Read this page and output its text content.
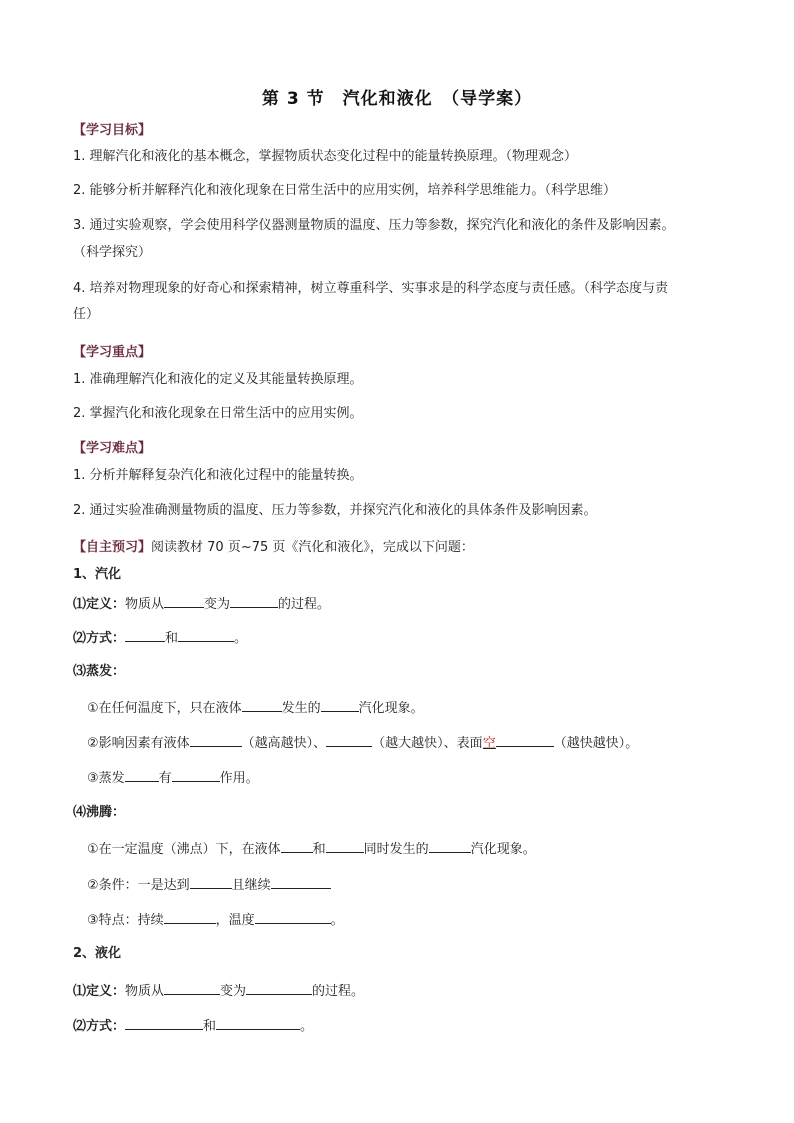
第 3 节　汽化和液化　（导学案）
【学习目标】
1. 理解汽化和液化的基本概念，掌握物质状态变化过程中的能量转换原理。（物理观念）
2. 能够分析并解释汽化和液化现象在日常生活中的应用实例，培养科学思维能力。（科学思维）
3. 通过实验观察，学会使用科学仪器测量物质的温度、压力等参数，探究汽化和液化的条件及影响因素。
（科学探究）
4. 培养对物理现象的好奇心和探索精神，树立尊重科学、实事求是的科学态度与责任感。（科学态度与责
任）
【学习重点】
1. 准确理解汽化和液化的定义及其能量转换原理。
2. 掌握汽化和液化现象在日常生活中的应用实例。
【学习难点】
1. 分析并解释复杂汽化和液化过程中的能量转换。
2. 通过实验准确测量物质的温度、压力等参数，并探究汽化和液化的具体条件及影响因素。
【自主预习】阅读教材 70 页~75 页《汽化和液化》，完成以下问题：
1、汽化
⑴定义：物质从	变为	的过程。
⑵方式：	和	。
⑶蒸发：
①在任何温度下，只在液体	发生的	汽化现象。
②影响因素有液体	（越高越快）、	（越大越快）、表面空	（越快越快）。
③蒸发	有	作用。
⑷沸腾：
①在一定温度（沸点）下，在液体 和	同时发生的	汽化现象。
②条件：一是达到	且继续
③特点：持续	，温度	。
2、液化
⑴定义：物质从	变为	的过程。
⑵方式：	和	。
